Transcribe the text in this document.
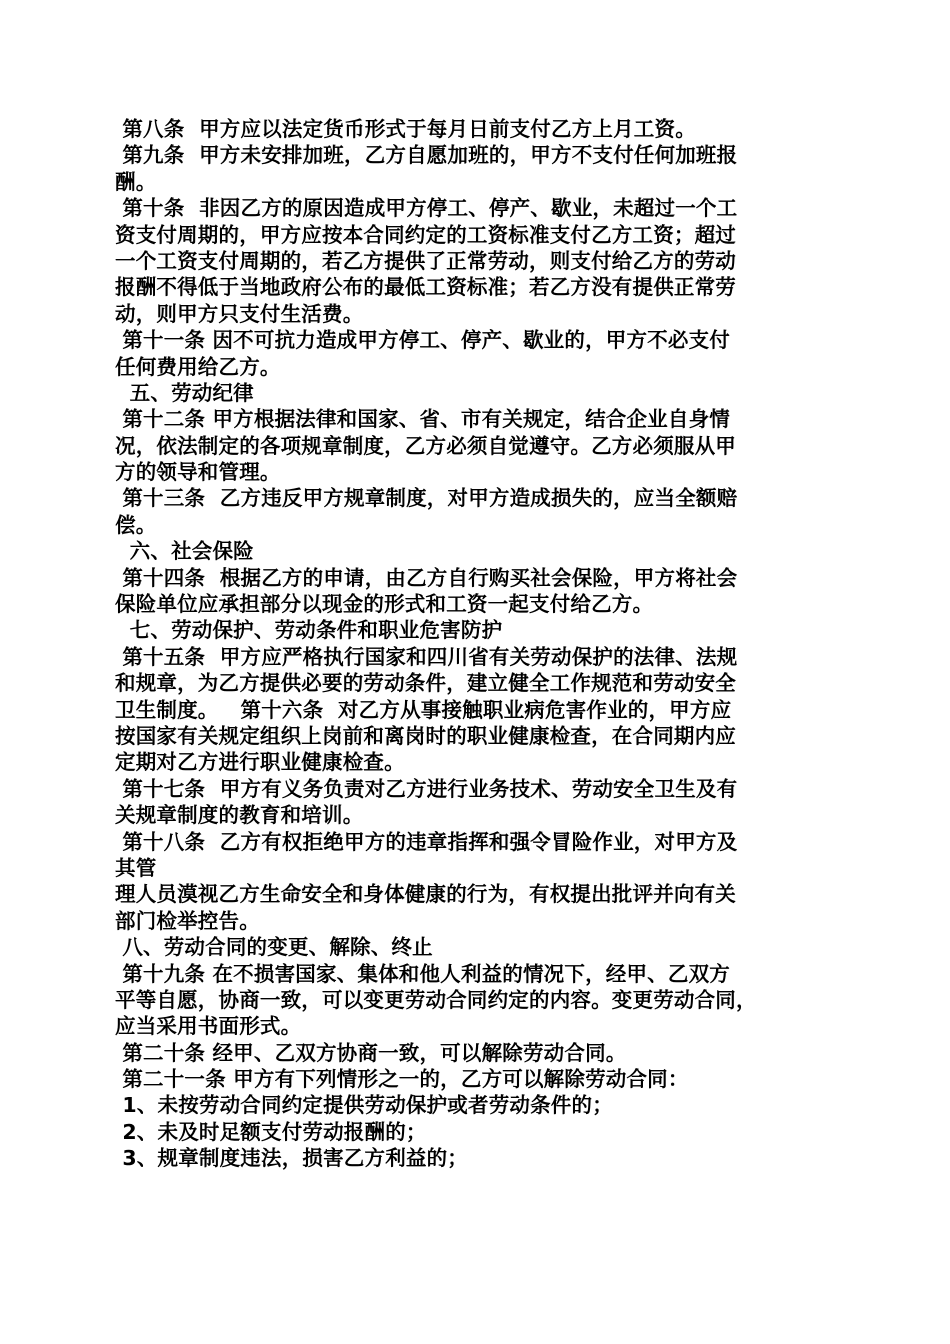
第八条  甲方应以法定货币形式于每月日前支付乙方上月工资。
第九条  甲方未安排加班，乙方自愿加班的，甲方不支付任何加班报
酬。
第十条  非因乙方的原因造成甲方停工、停产、歇业，未超过一个工
资支付周期的，甲方应按本合同约定的工资标准支付乙方工资；超过
一个工资支付周期的，若乙方提供了正常劳动，则支付给乙方的劳动
报酬不得低于当地政府公布的最低工资标准；若乙方没有提供正常劳
动，则甲方只支付生活费。
第十一条 因不可抗力造成甲方停工、停产、歇业的，甲方不必支付
任何费用给乙方。
五、劳动纪律
第十二条 甲方根据法律和国家、省、市有关规定，结合企业自身情
况，依法制定的各项规章制度，乙方必须自觉遵守。乙方必须服从甲
方的领导和管理。
第十三条  乙方违反甲方规章制度，对甲方造成损失的，应当全额赔
偿。
六、社会保险
第十四条  根据乙方的申请，由乙方自行购买社会保险，甲方将社会
保险单位应承担部分以现金的形式和工资一起支付给乙方。
七、劳动保护、劳动条件和职业危害防护
第十五条  甲方应严格执行国家和四川省有关劳动保护的法律、法规
和规章，为乙方提供必要的劳动条件，建立健全工作规范和劳动安全
卫生制度。   第十六条  对乙方从事接触职业病危害作业的，甲方应
按国家有关规定组织上岗前和离岗时的职业健康检查，在合同期内应
定期对乙方进行职业健康检查。
第十七条  甲方有义务负责对乙方进行业务技术、劳动安全卫生及有
关规章制度的教育和培训。
第十八条  乙方有权拒绝甲方的违章指挥和强令冒险作业，对甲方及
其管
理人员漠视乙方生命安全和身体健康的行为，有权提出批评并向有关
部门检举控告。
八、劳动合同的变更、解除、终止
第十九条 在不损害国家、集体和他人利益的情况下，经甲、乙双方
平等自愿，协商一致，可以变更劳动合同约定的内容。变更劳动合同，
应当采用书面形式。
第二十条 经甲、乙双方协商一致，可以解除劳动合同。
第二十一条 甲方有下列情形之一的，乙方可以解除劳动合同：
1、未按劳动合同约定提供劳动保护或者劳动条件的；
2、未及时足额支付劳动报酬的；
3、规章制度违法，损害乙方利益的；
